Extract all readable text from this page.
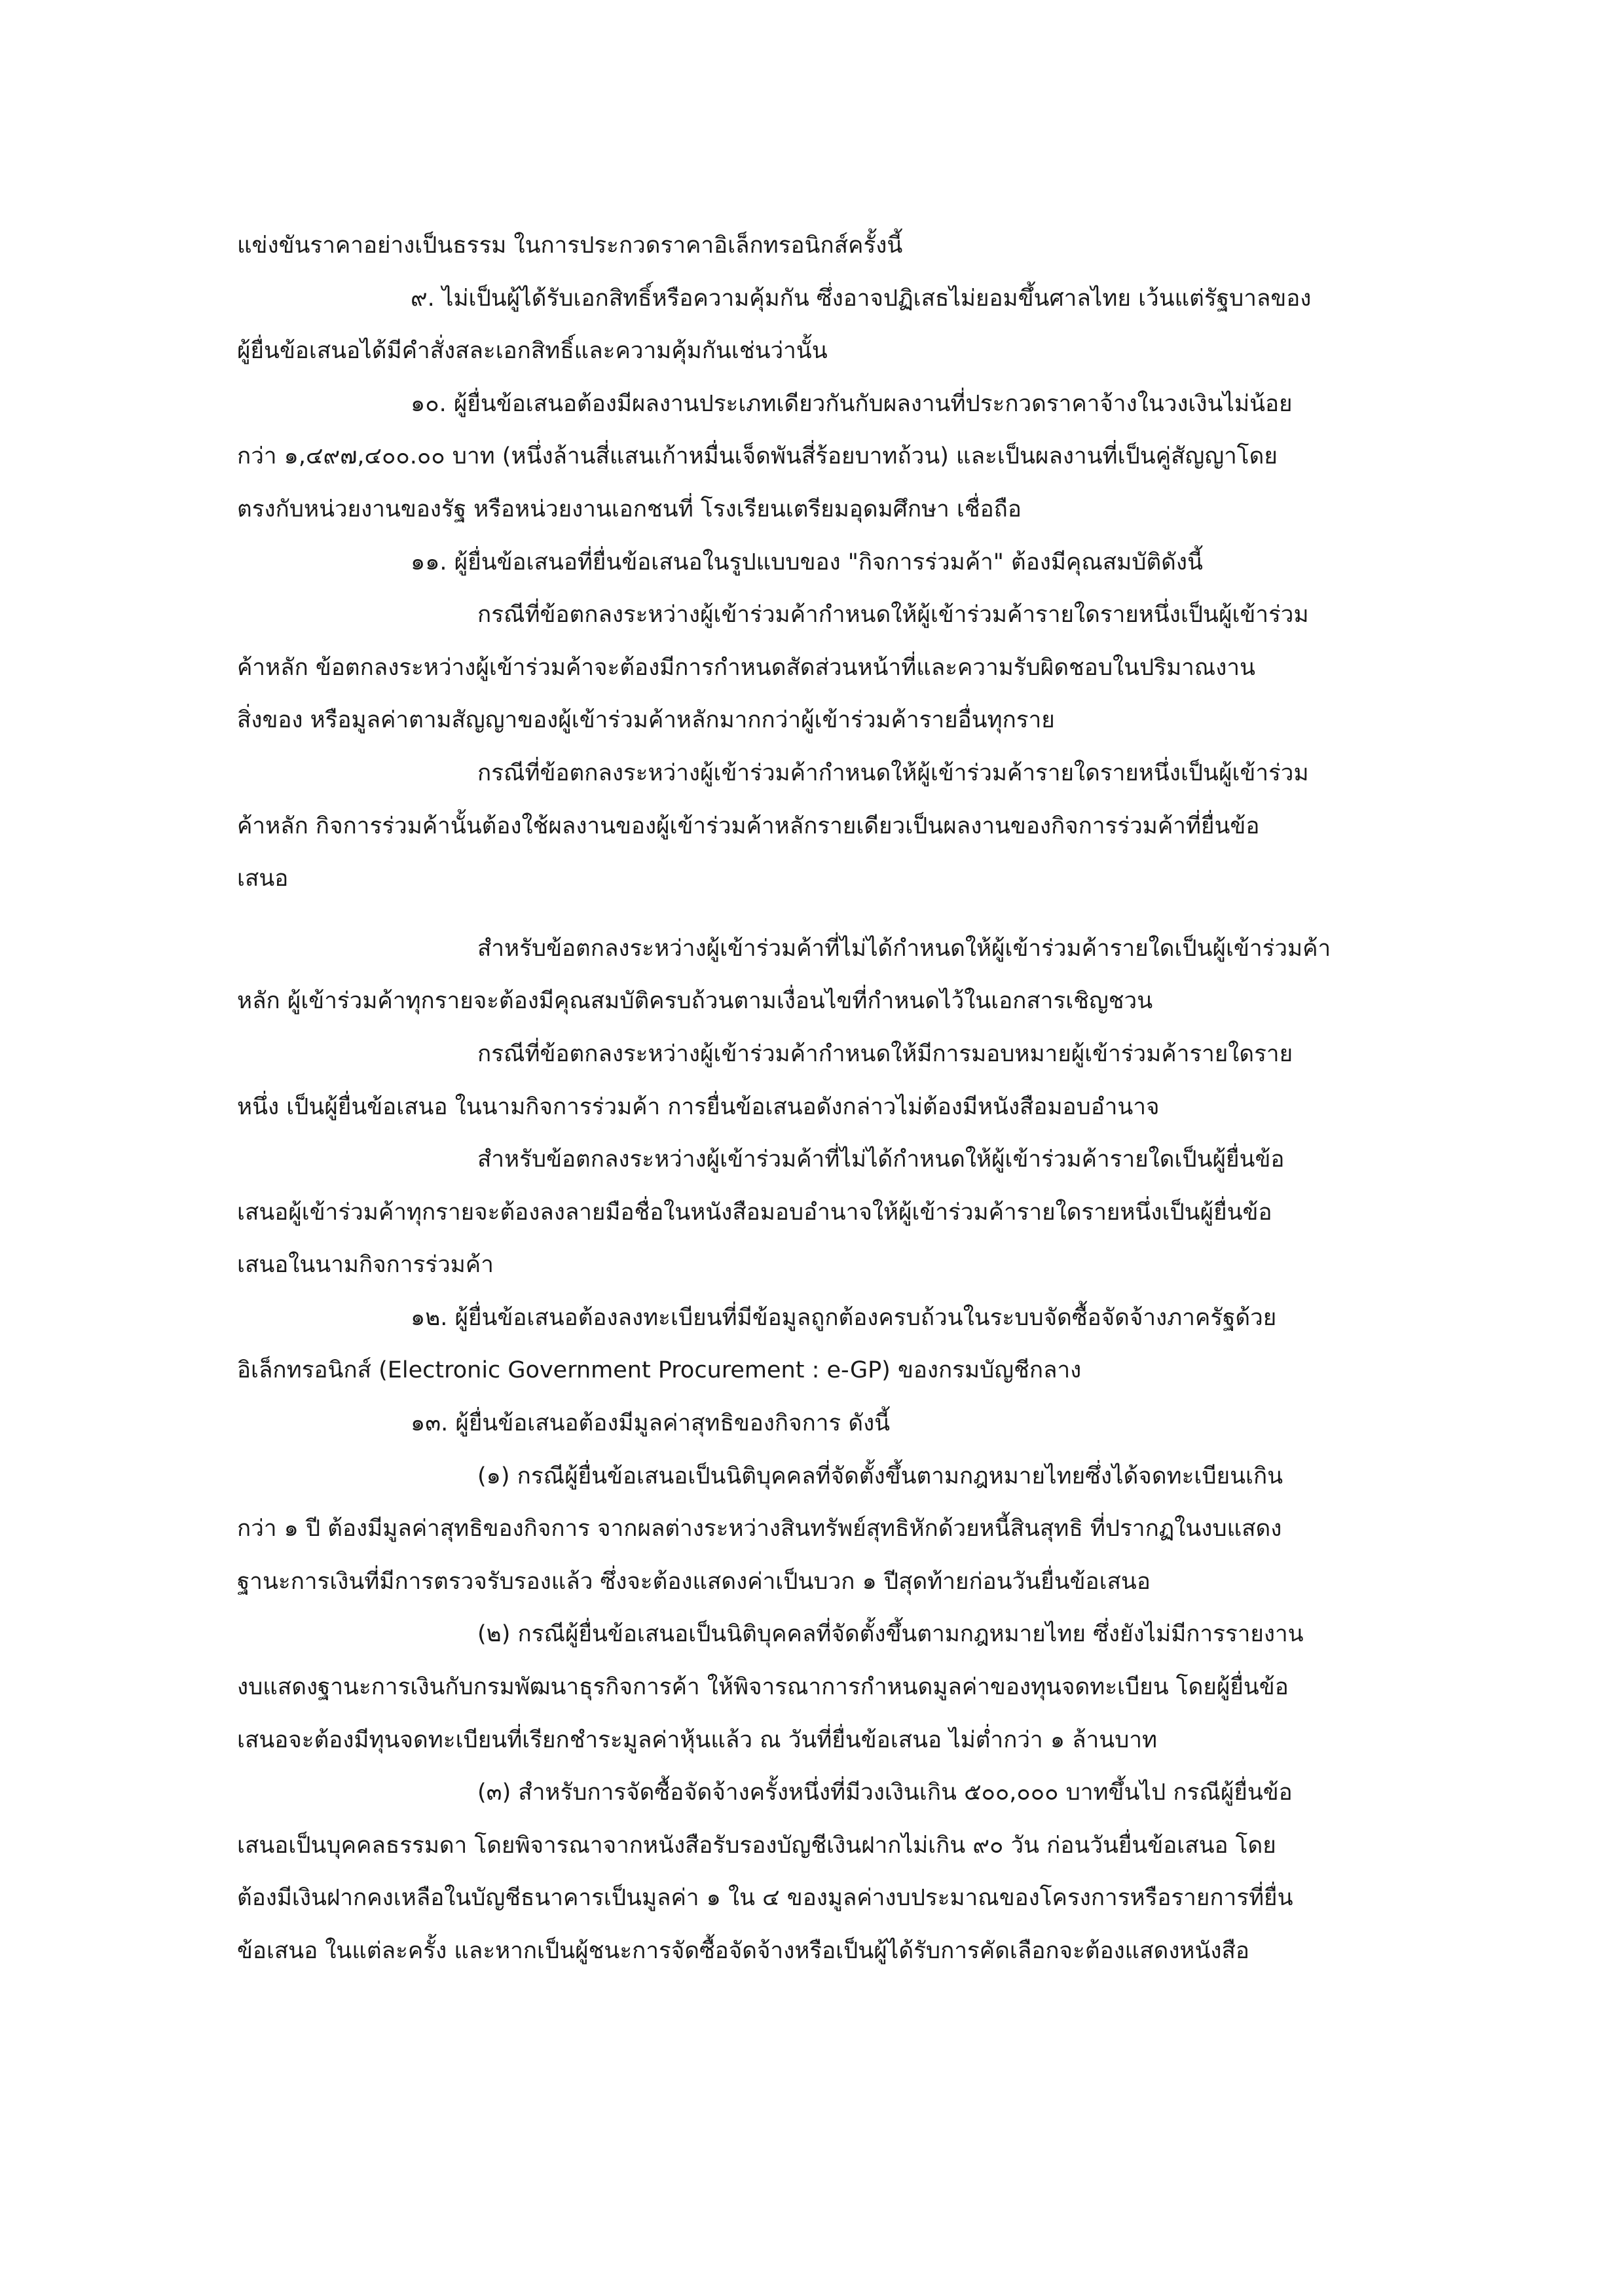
แข่งขันราคาอย่างเป็นธรรม ในการประกวดราคาอิเล็กทรอนิกส์ครั้งนี้
๙. ไม่เป็นผู้ได้รับเอกสิทธิ์หรือความคุ้มกัน ซึ่งอาจปฏิเสธไม่ยอมขึ้นศาลไทย เว้นแต่รัฐบาลของ
ผู้ยื่นข้อเสนอได้มีคำสั่งสละเอกสิทธิ์และความคุ้มกันเช่นว่านั้น
๑๐. ผู้ยื่นข้อเสนอต้องมีผลงานประเภทเดียวกันกับผลงานที่ประกวดราคาจ้างในวงเงินไม่น้อย
กว่า ๑,๔๙๗,๔๐๐.๐๐ บาท (หนึ่งล้านสี่แสนเก้าหมื่นเจ็ดพันสี่ร้อยบาทถ้วน) และเป็นผลงานที่เป็นคู่สัญญาโดย
ตรงกับหน่วยงานของรัฐ หรือหน่วยงานเอกชนที่ โรงเรียนเตรียมอุดมศึกษา เชื่อถือ
๑๑. ผู้ยื่นข้อเสนอที่ยื่นข้อเสนอในรูปแบบของ "กิจการร่วมค้า" ต้องมีคุณสมบัติดังนี้
กรณีที่ข้อตกลงระหว่างผู้เข้าร่วมค้ากำหนดให้ผู้เข้าร่วมค้ารายใดรายหนึ่งเป็นผู้เข้าร่วม
ค้าหลัก ข้อตกลงระหว่างผู้เข้าร่วมค้าจะต้องมีการกำหนดสัดส่วนหน้าที่และความรับผิดชอบในปริมาณงาน
สิ่งของ หรือมูลค่าตามสัญญาของผู้เข้าร่วมค้าหลักมากกว่าผู้เข้าร่วมค้ารายอื่นทุกราย
กรณีที่ข้อตกลงระหว่างผู้เข้าร่วมค้ากำหนดให้ผู้เข้าร่วมค้ารายใดรายหนึ่งเป็นผู้เข้าร่วม
ค้าหลัก กิจการร่วมค้านั้นต้องใช้ผลงานของผู้เข้าร่วมค้าหลักรายเดียวเป็นผลงานของกิจการร่วมค้าที่ยื่นข้อ
เสนอ
สำหรับข้อตกลงระหว่างผู้เข้าร่วมค้าที่ไม่ได้กำหนดให้ผู้เข้าร่วมค้ารายใดเป็นผู้เข้าร่วมค้า
หลัก ผู้เข้าร่วมค้าทุกรายจะต้องมีคุณสมบัติครบถ้วนตามเงื่อนไขที่กำหนดไว้ในเอกสารเชิญชวน
กรณีที่ข้อตกลงระหว่างผู้เข้าร่วมค้ากำหนดให้มีการมอบหมายผู้เข้าร่วมค้ารายใดราย
หนึ่ง เป็นผู้ยื่นข้อเสนอ ในนามกิจการร่วมค้า การยื่นข้อเสนอดังกล่าวไม่ต้องมีหนังสือมอบอำนาจ
สำหรับข้อตกลงระหว่างผู้เข้าร่วมค้าที่ไม่ได้กำหนดให้ผู้เข้าร่วมค้ารายใดเป็นผู้ยื่นข้อ
เสนอผู้เข้าร่วมค้าทุกรายจะต้องลงลายมือชื่อในหนังสือมอบอำนาจให้ผู้เข้าร่วมค้ารายใดรายหนึ่งเป็นผู้ยื่นข้อ
เสนอในนามกิจการร่วมค้า
๑๒. ผู้ยื่นข้อเสนอต้องลงทะเบียนที่มีข้อมูลถูกต้องครบถ้วนในระบบจัดซื้อจัดจ้างภาครัฐด้วย
อิเล็กทรอนิกส์ (Electronic Government Procurement : e-GP) ของกรมบัญชีกลาง
๑๓. ผู้ยื่นข้อเสนอต้องมีมูลค่าสุทธิของกิจการ ดังนี้
(๑) กรณีผู้ยื่นข้อเสนอเป็นนิติบุคคลที่จัดตั้งขึ้นตามกฎหมายไทยซึ่งได้จดทะเบียนเกิน
กว่า ๑ ปี ต้องมีมูลค่าสุทธิของกิจการ จากผลต่างระหว่างสินทรัพย์สุทธิหักด้วยหนี้สินสุทธิ ที่ปรากฏในงบแสดง
ฐานะการเงินที่มีการตรวจรับรองแล้ว ซึ่งจะต้องแสดงค่าเป็นบวก ๑ ปีสุดท้ายก่อนวันยื่นข้อเสนอ
(๒) กรณีผู้ยื่นข้อเสนอเป็นนิติบุคคลที่จัดตั้งขึ้นตามกฎหมายไทย ซึ่งยังไม่มีการรายงาน
งบแสดงฐานะการเงินกับกรมพัฒนาธุรกิจการค้า ให้พิจารณาการกำหนดมูลค่าของทุนจดทะเบียน โดยผู้ยื่นข้อ
เสนอจะต้องมีทุนจดทะเบียนที่เรียกชำระมูลค่าหุ้นแล้ว ณ วันที่ยื่นข้อเสนอ ไม่ต่ำกว่า ๑ ล้านบาท
(๓) สำหรับการจัดซื้อจัดจ้างครั้งหนึ่งที่มีวงเงินเกิน ๕๐๐,๐๐๐ บาทขึ้นไป กรณีผู้ยื่นข้อ
เสนอเป็นบุคคลธรรมดา โดยพิจารณาจากหนังสือรับรองบัญชีเงินฝากไม่เกิน ๙๐ วัน ก่อนวันยื่นข้อเสนอ โดย
ต้องมีเงินฝากคงเหลือในบัญชีธนาคารเป็นมูลค่า ๑ ใน ๔ ของมูลค่างบประมาณของโครงการหรือรายการที่ยื่น
ข้อเสนอ ในแต่ละครั้ง และหากเป็นผู้ชนะการจัดซื้อจัดจ้างหรือเป็นผู้ได้รับการคัดเลือกจะต้องแสดงหนังสือ
